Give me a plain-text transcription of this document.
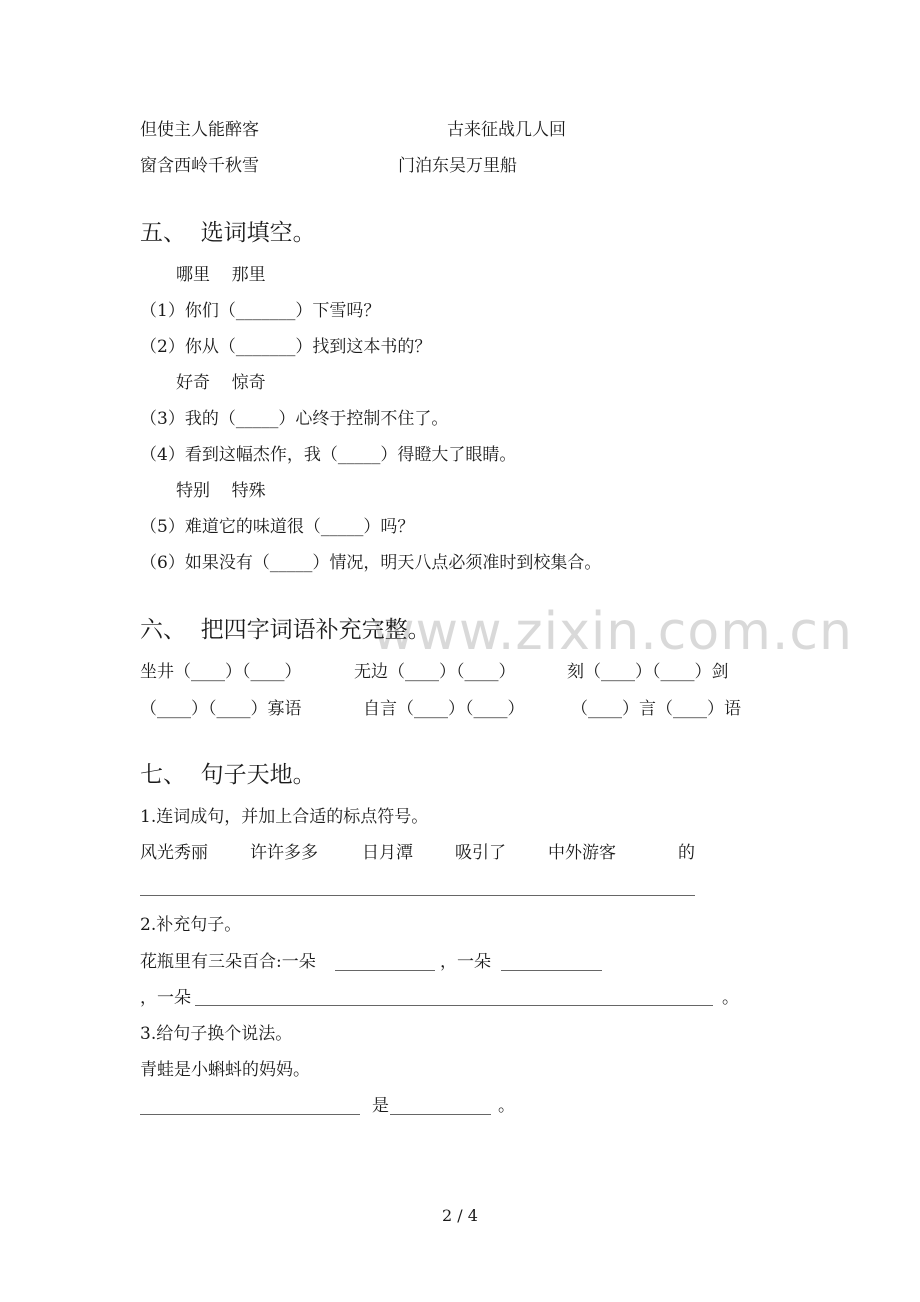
但使主人能醉客	古来征战几人回
窗含西岭千秋雪	门泊东吴万里船
五、  选词填空。
哪里    那里
（1）你们（_______）下雪吗？
（2）你从（_______）找到这本书的？
好奇    惊奇
（3）我的（_____）心终于控制不住了。
（4）看到这幅杰作，我（_____）得瞪大了眼睛。
特别    特殊
（5）难道它的味道很（_____）吗？
（6）如果没有（_____）情况，明天八点必须准时到校集合。
www.zixin.com.cn
六、  把四字词语补充完整。
坐井（____）（____）	无边（____）（____）	刻（____）（____）剑
（____）（____）寡语	自言（____）（____）	（____）言（____）语
七、  句子天地。
1.连词成句，并加上合适的标点符号。
风光秀丽 许许多多	日月潭 吸引了 中外游客	的
2.补充句子。
花瓶里有三朵百合:一朵	，一朵
，一朵	。
3.给句子换个说法。
青蛙是小蝌蚪的妈妈。
是	。
2 / 4
